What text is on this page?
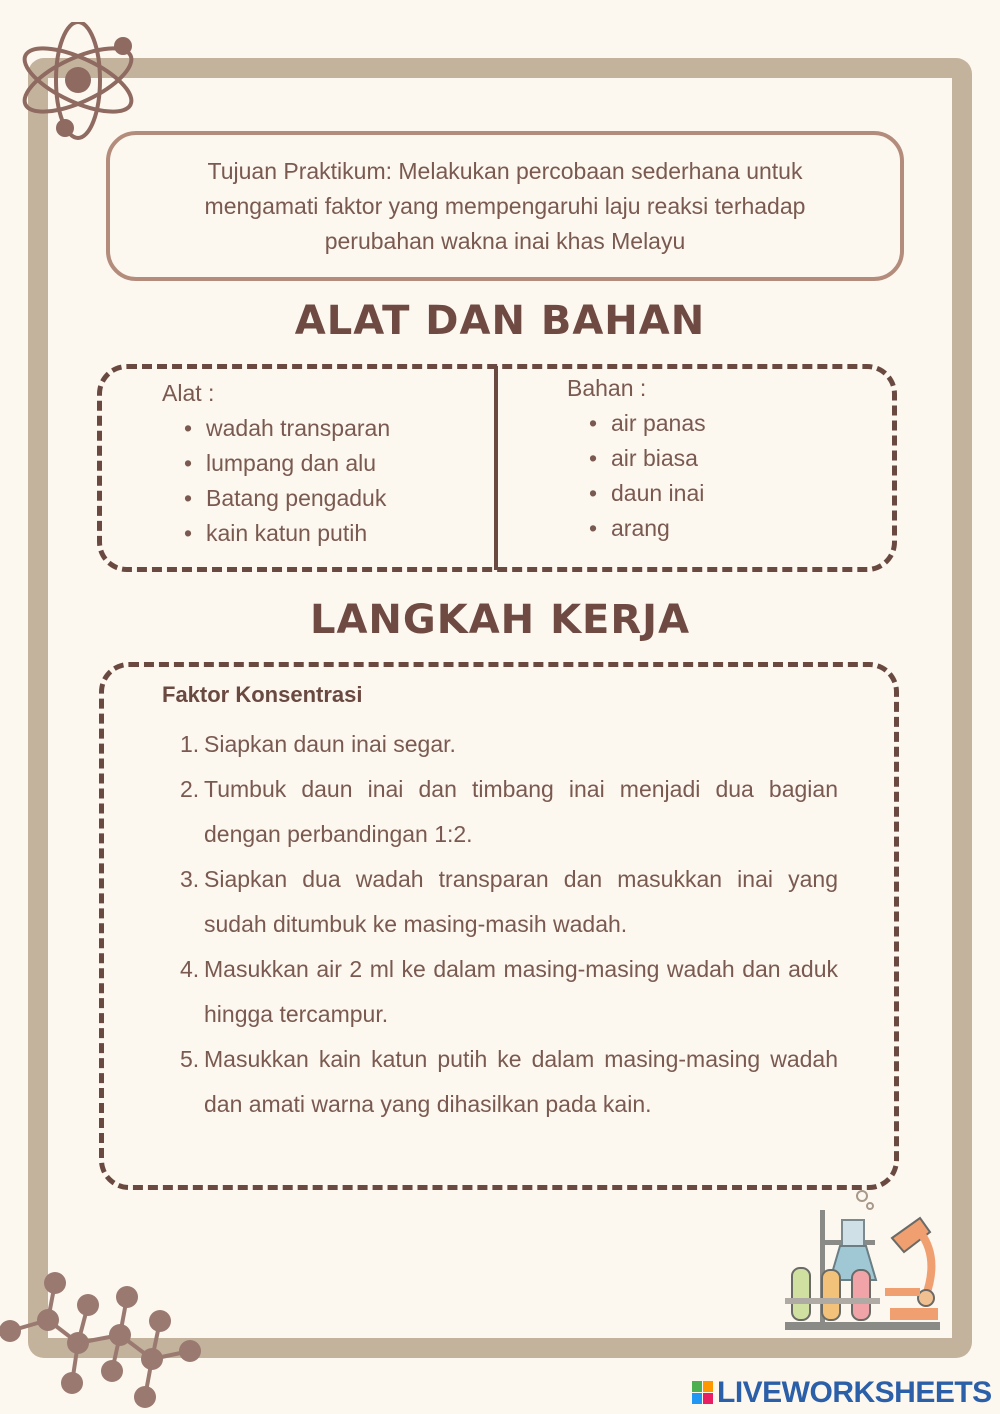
Tujuan Praktikum: Melakukan percobaan sederhana untuk mengamati faktor yang mempengaruhi laju reaksi terhadap perubahan wakna inai khas Melayu
ALAT DAN BAHAN
Alat :
• wadah transparan
• lumpang dan alu
• Batang pengaduk
• kain katun putih
Bahan :
• air panas
• air biasa
• daun inai
• arang
LANGKAH KERJA
Faktor Konsentrasi
1. Siapkan daun inai segar.
2. Tumbuk daun inai dan timbang inai menjadi dua bagian dengan perbandingan 1:2.
3. Siapkan dua wadah transparan dan masukkan inai yang sudah ditumbuk ke masing-masih wadah.
4. Masukkan air 2 ml ke dalam masing-masing wadah dan aduk hingga tercampur.
5. Masukkan kain katun putih ke dalam masing-masing wadah dan amati warna yang dihasilkan pada kain.
LIVEWORKSHEETS
